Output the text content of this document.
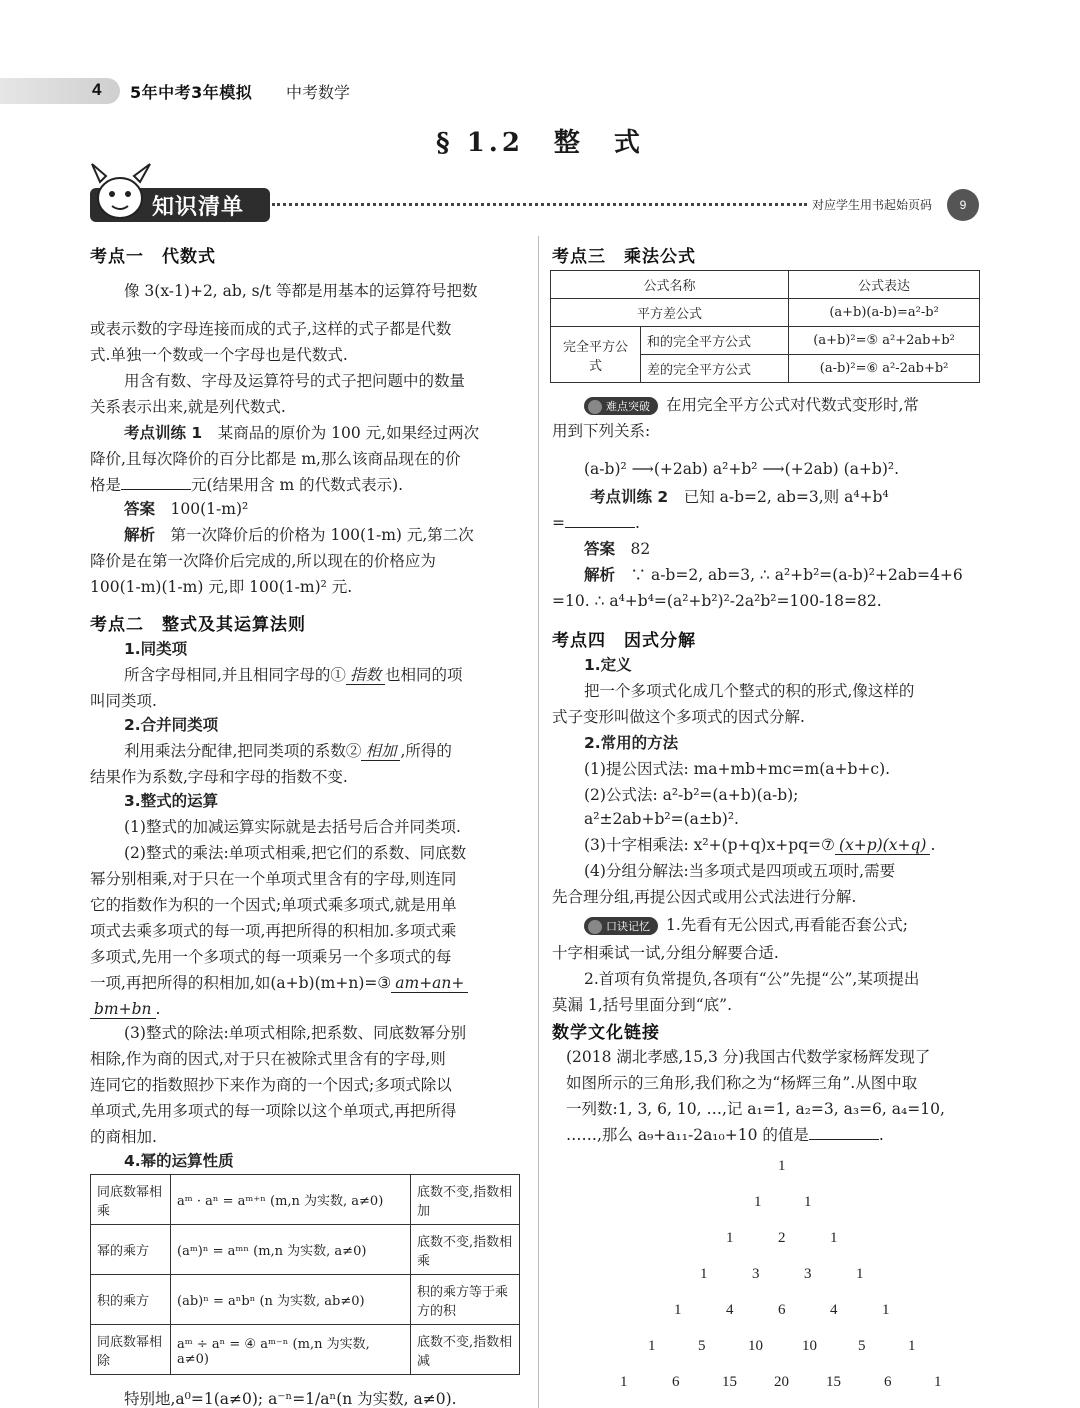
4 5年中考3年模拟 中考数学
§ 1.2　整　式
知识清单	对应学生用书起始页码	9
考点一　代数式
像 3(x-1)+2, ab, s/t 等都是用基本的运算符号把数
或表示数的字母连接而成的式子,这样的式子都是代数
式.单独一个数或一个字母也是代数式.
用含有数、字母及运算符号的式子把问题中的数量
关系表示出来,就是列代数式.
考点训练 1　 某商品的原价为 100 元,如果经过两次
降价,且每次降价的百分比都是 m,那么该商品现在的价
格是	元(结果用含 m 的代数式表示).
答案　 100(1-m)²
解析　 第一次降价后的价格为 100(1-m) 元,第二次
降价是在第一次降价后完成的,所以现在的价格应为
100(1-m)(1-m) 元,即 100(1-m)² 元.
考点二　整式及其运算法则
1.同类项
所含字母相同,并且相同字母的① 指数 也相同的项
叫同类项.
2.合并同类项
利用乘法分配律,把同类项的系数② 相加 ,所得的
结果作为系数,字母和字母的指数不变.
3.整式的运算
(1)整式的加减运算实际就是去括号后合并同类项.
(2)整式的乘法:单项式相乘,把它们的系数、同底数
幂分别相乘,对于只在一个单项式里含有的字母,则连同
它的指数作为积的一个因式;单项式乘多项式,就是用单
项式去乘多项式的每一项,再把所得的积相加.多项式乘
多项式,先用一个多项式的每一项乘另一个多项式的每
一项,再把所得的积相加,如(a+b)(m+n)=③ am+an+
bm+bn .
(3)整式的除法:单项式相除,把系数、同底数幂分别
相除,作为商的因式,对于只在被除式里含有的字母,则
连同它的指数照抄下来作为商的一个因式;多项式除以
单项式,先用多项式的每一项除以这个单项式,再把所得
的商相加.
4.幂的运算性质
同底数幂相乘	aᵐ · aⁿ = aᵐ⁺ⁿ (m,n 为实数, a≠0)	底数不变,指数相加
幂的乘方	(aᵐ)ⁿ = aᵐⁿ (m,n 为实数, a≠0)	底数不变,指数相乘
积的乘方	(ab)ⁿ = aⁿbⁿ (n 为实数, ab≠0)	积的乘方等于乘方的积
同底数幂相除	aᵐ ÷ aⁿ = ④ aᵐ⁻ⁿ (m,n 为实数, a≠0)	底数不变,指数相减
特别地,a⁰=1(a≠0); a⁻ⁿ=1/aⁿ(n 为实数, a≠0).
考点三　乘法公式
公式名称		公式表达
平方差公式		(a+b)(a-b)=a²-b²
完全平方公式	和的完全平方公式	(a+b)²=⑤ a²+2ab+b²
	差的完全平方公式	(a-b)²=⑥ a²-2ab+b²
难点突破 在用完全平方公式对代数式变形时,常
用到下列关系:
(a-b)² ⟶(+2ab) a²+b² ⟶(+2ab) (a+b)².
考点训练 2　 已知 a-b=2, ab=3,则 a⁴+b⁴
=	.
答案　 82
解析　 ∵ a-b=2, ab=3, ∴ a²+b²=(a-b)²+2ab=4+6
=10. ∴ a⁴+b⁴=(a²+b²)²-2a²b²=100-18=82.
考点四　因式分解
1.定义
把一个多项式化成几个整式的积的形式,像这样的
式子变形叫做这个多项式的因式分解.
2.常用的方法
(1)提公因式法: ma+mb+mc=m(a+b+c).
(2)公式法: a²-b²=(a+b)(a-b);
a²±2ab+b²=(a±b)².
(3)十字相乘法: x²+(p+q)x+pq=⑦ (x+p)(x+q) .
(4)分组分解法:当多项式是四项或五项时,需要
先合理分组,再提公因式或用公式法进行分解.
口诀记忆 1.先看有无公因式,再看能否套公式;
十字相乘试一试,分组分解要合适.
2.首项有负常提负,各项有“公”先提“公”,某项提出
莫漏 1,括号里面分到“底”.
数学文化链接
(2018 湖北孝感,15,3 分)我国古代数学家杨辉发现了
如图所示的三角形,我们称之为“杨辉三角”.从图中取
一列数:1, 3, 6, 10, …,记 a₁=1, a₂=3, a₃=6, a₄=10,
……,那么 a₉+a₁₁-2a₁₀+10 的值是	.
1
1	1
1	2	1
1	3	3	1
1	4	6	4	1
1	5	10	10	5	1
1	6	15 20 15	6	1
